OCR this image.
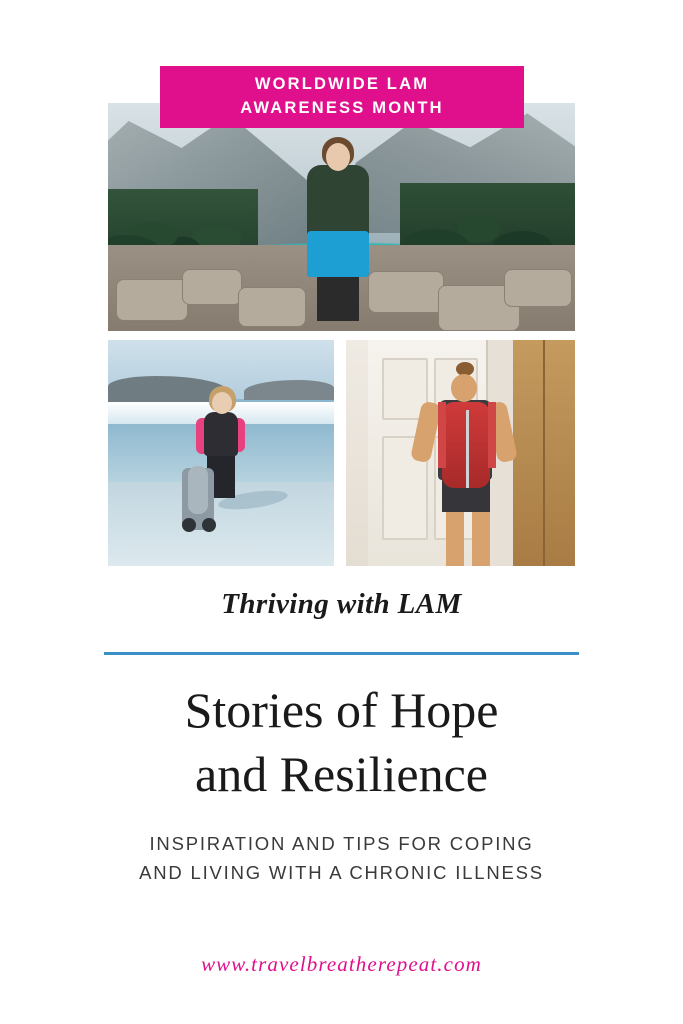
WORLDWIDE LAM
AWARENESS MONTH
Thriving with LAM
Stories of Hope
and Resilience
INSPIRATION AND TIPS FOR COPING
AND LIVING WITH A CHRONIC ILLNESS
www.travelbreatherepeat.com
